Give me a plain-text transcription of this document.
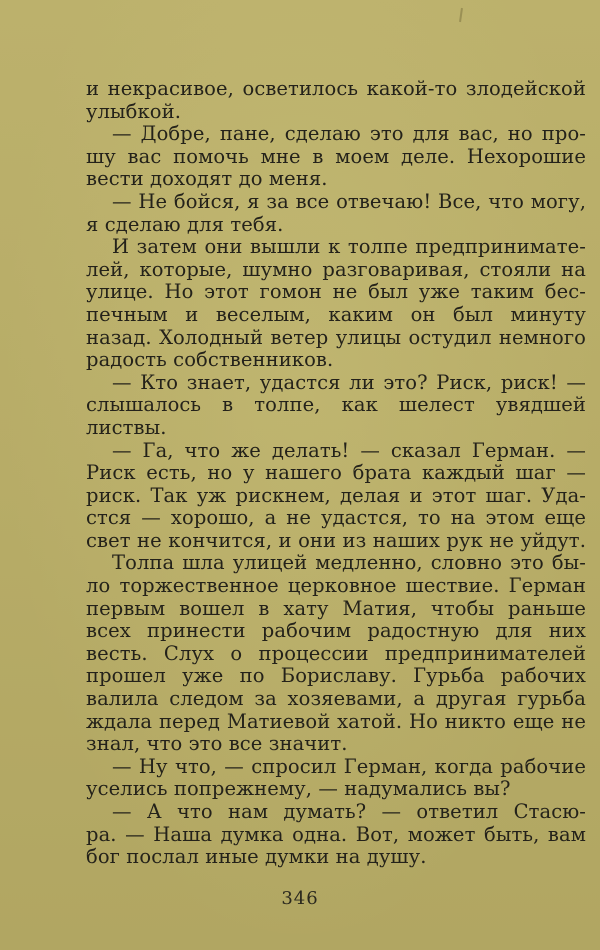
и некрасивое, осветилось какой-то злодейской
улыбкой.
— Добре, пане, сделаю это для вас, но про-
шу вас помочь мне в моем деле. Нехорошие
вести доходят до меня.
— Не бойся, я за все отвечаю! Все, что могу,
я сделаю для тебя.
И затем они вышли к толпе предпринимате-
лей, которые, шумно разговаривая, стояли на
улице. Но этот гомон не был уже таким бес-
печным и веселым, каким он был минуту
назад. Холодный ветер улицы остудил немного
радость собственников.
— Кто знает, удастся ли это? Риск, риск! —
слышалось в толпе, как шелест увядшей
листвы.
— Га, что же делать! — сказал Герман. —
Риск есть, но у нашего брата каждый шаг —
риск. Так уж рискнем, делая и этот шаг. Уда-
стся — хорошо, а не удастся, то на этом еще
свет не кончится, и они из наших рук не уйдут.
Толпа шла улицей медленно, словно это бы-
ло торжественное церковное шествие. Герман
первым вошел в хату Матия, чтобы раньше
всех принести рабочим радостную для них
весть. Слух о процессии предпринимателей
прошел уже по Бориславу. Гурьба рабочих
валила следом за хозяевами, а другая гурьба
ждала перед Матиевой хатой. Но никто еще не
знал, что это все значит.
— Ну что, — спросил Герман, когда рабочие
уселись попрежнему, — надумались вы?
— А что нам думать? — ответил Стасю-
ра. — Наша думка одна. Вот, может быть, вам
бог послал иные думки на душу.
346
